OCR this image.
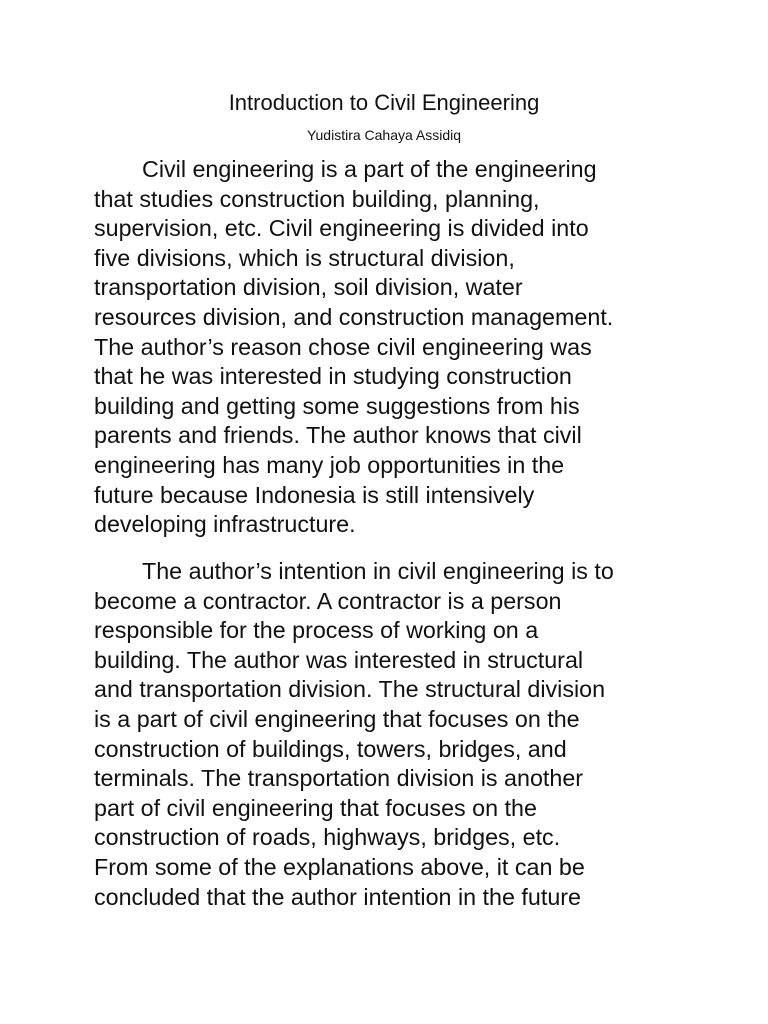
Introduction to Civil Engineering

Yudistira Cahaya Assidiq

Civil engineering is a part of the engineering
that studies construction building, planning,
supervision, etc. Civil engineering is divided into
five divisions, which is structural division,
transportation division, soil division, water
resources division, and construction management.
The author’s reason chose civil engineering was
that he was interested in studying construction
building and getting some suggestions from his
parents and friends. The author knows that civil
engineering has many job opportunities in the
future because Indonesia is still intensively
developing infrastructure.
The author’s intention in civil engineering is to
become a contractor. A contractor is a person
responsible for the process of working on a
building. The author was interested in structural
and transportation division. The structural division
is a part of civil engineering that focuses on the
construction of buildings, towers, bridges, and
terminals. The transportation division is another
part of civil engineering that focuses on the
construction of roads, highways, bridges, etc.
From some of the explanations above, it can be
concluded that the author intention in the future
